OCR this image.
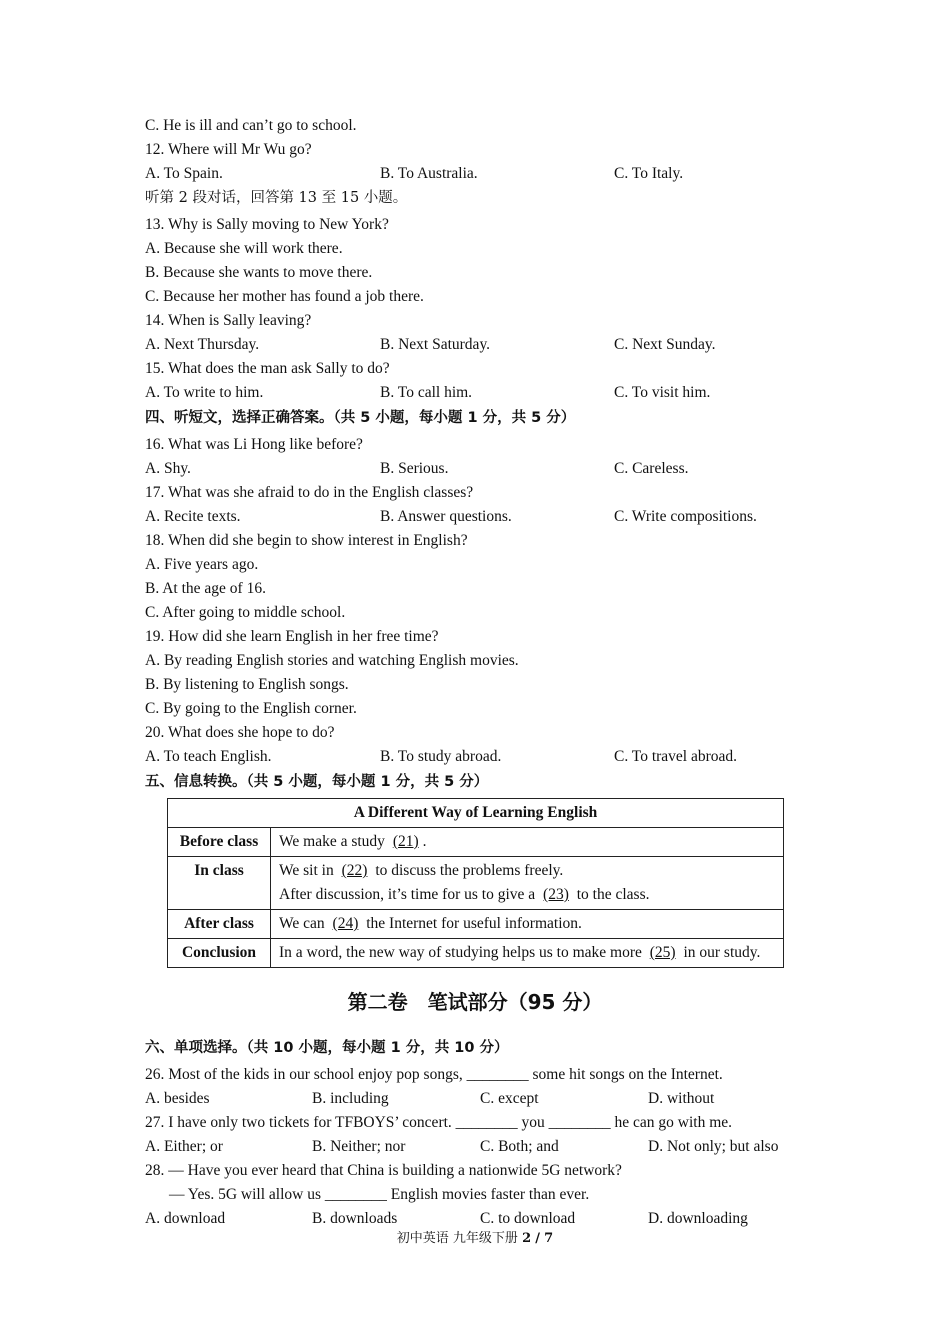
C. He is ill and can’t go to school.
12. Where will Mr Wu go?
A. To Spain.	B. To Australia.	C. To Italy.
听第 2 段对话，回答第 13 至 15 小题。
13. Why is Sally moving to New York?
A. Because she will work there.
B. Because she wants to move there.
C. Because her mother has found a job there.
14. When is Sally leaving?
A. Next Thursday.	B. Next Saturday.	C. Next Sunday.
15. What does the man ask Sally to do?
A. To write to him.	B. To call him.	C. To visit him.
四、听短文，选择正确答案。（共 5 小题，每小题 1 分，共 5 分）
16. What was Li Hong like before?
A. Shy.	B. Serious.	C. Careless.
17. What was she afraid to do in the English classes?
A. Recite texts.	B. Answer questions.	C. Write compositions.
18. When did she begin to show interest in English?
A. Five years ago.
B. At the age of 16.
C. After going to middle school.
19. How did she learn English in her free time?
A. By reading English stories and watching English movies.
B. By listening to English songs.
C. By going to the English corner.
20. What does she hope to do?
A. To teach English.	B. To study abroad.	C. To travel abroad.
五、信息转换。（共 5 小题，每小题 1 分，共 5 分）
A Different Way of Learning English	
Before class	We make a study (21) .
In class	We sit in (22) to discuss the problems freely.
After discussion, it’s time for us to give a (23) to the class.

After class	We can (24) the Internet for useful information.
Conclusion	In a word, the new way of studying helps us to make more (25) in our study.
第二卷　笔试部分（95 分）
六、单项选择。（共 10 小题，每小题 1 分，共 10 分）
26. Most of the kids in our school enjoy pop songs, ________ some hit songs on the Internet.
A. besides	B. including	C. except	D. without
27. I have only two tickets for TFBOYS’ concert. ________ you ________ he can go with me.
A. Either; or	B. Neither; nor	C. Both; and	D. Not only; but also
28. — Have you ever heard that China is building a nationwide 5G network?
— Yes. 5G will allow us ________ English movies faster than ever.
A. download	B. downloads	C. to download	D. downloading
初中英语 九年级下册 2 / 7
